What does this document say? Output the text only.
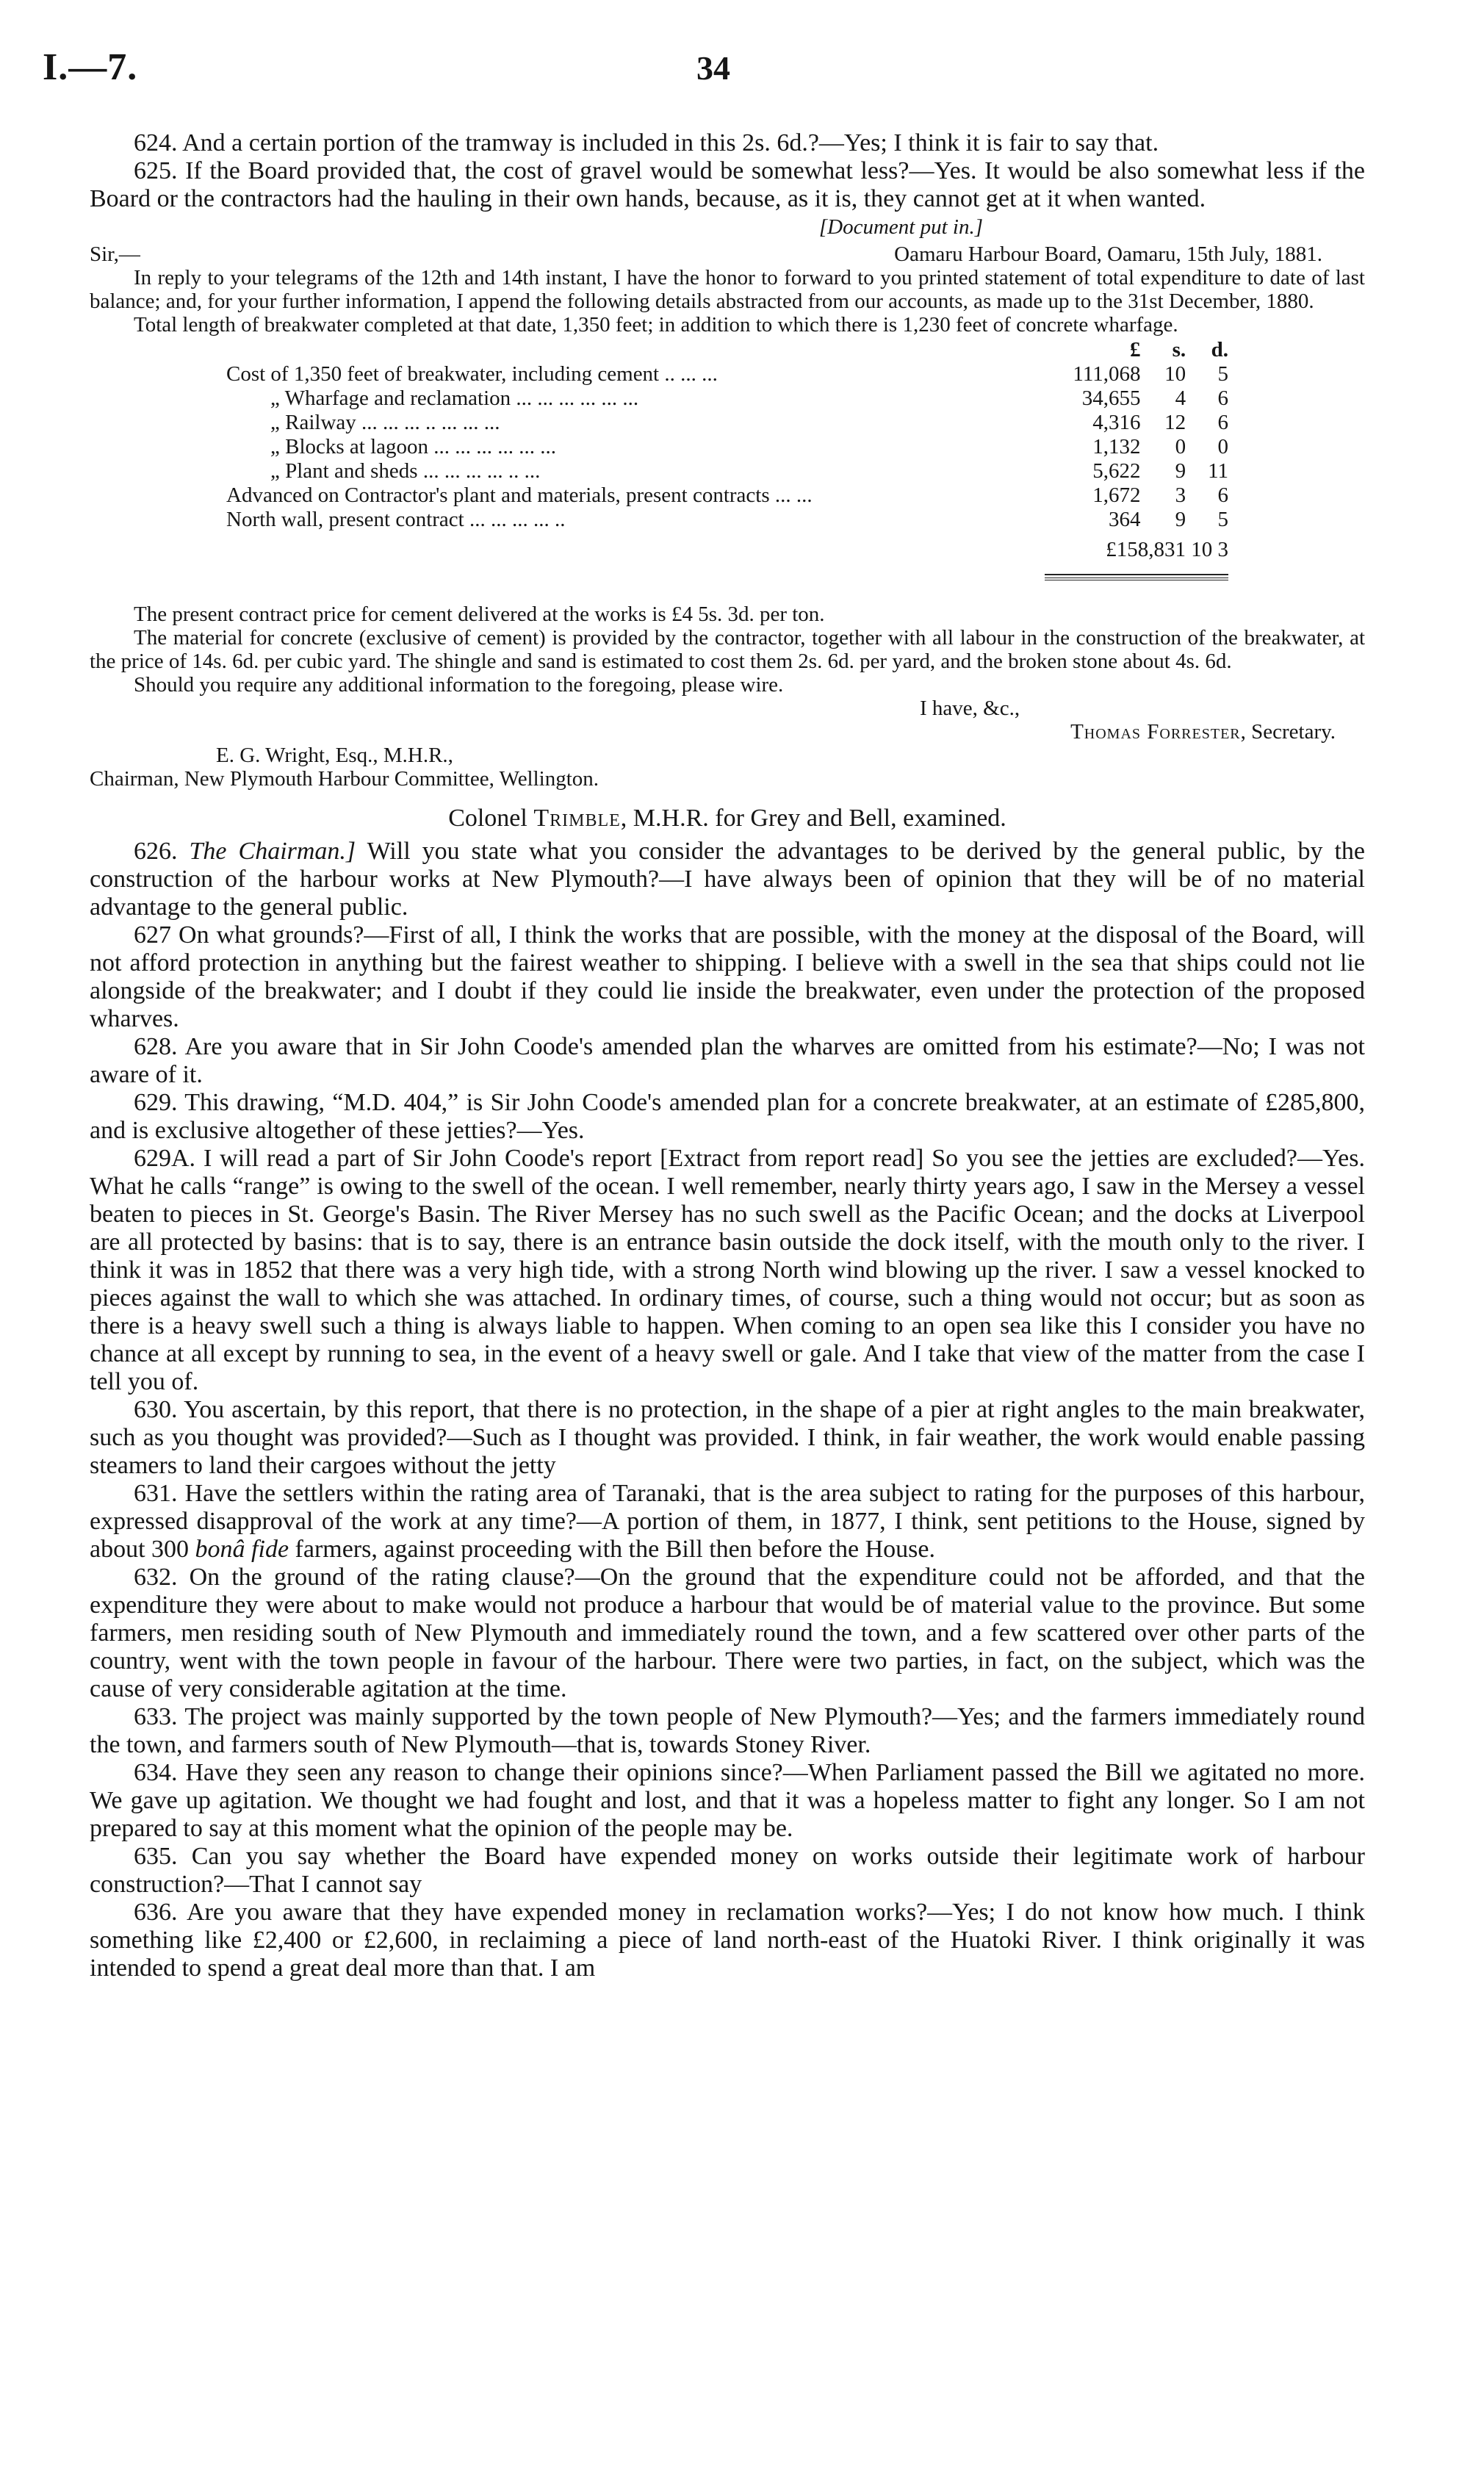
I.—7.	34

624. And a certain portion of the tramway is included in this 2s. 6d.?—Yes; I think it is fair to say that.

625. If the Board provided that, the cost of gravel would be somewhat less?—Yes. It would be also somewhat less if the Board or the contractors had the hauling in their own hands, because, as it is, they cannot get at it when wanted.

[Document put in.]

Sir,—	Oamaru Harbour Board, Oamaru, 15th July, 1881.

In reply to your telegrams of the 12th and 14th instant, I have the honor to forward to you printed statement of total expenditure to date of last balance; and, for your further information, I append the following details abstracted from our accounts, as made up to the 31st December, 1880.

Total length of breakwater completed at that date, 1,350 feet; in addition to which there is 1,230 feet of concrete wharfage.

	£	s.	d.
Cost of 1,350 feet of breakwater, including cement .. ... ...	111,068	10	5
„ Wharfage and reclamation ... ... ... ... ... ...	34,655	4	6
„ Railway ... ... ... .. ... ... ...	4,316	12	6
„ Blocks at lagoon ... ... ... ... ... ...	1,132	0	0
„ Plant and sheds ... ... ... ... .. ...	5,622	9	11
Advanced on Contractor's plant and materials, present contracts ... ...	1,672	3	6
North wall, present contract ... ... ... ... ..	364	9	5

	£158,831 10 3		

The present contract price for cement delivered at the works is £4 5s. 3d. per ton.

The material for concrete (exclusive of cement) is provided by the contractor, together with all labour in the construction of the breakwater, at the price of 14s. 6d. per cubic yard. The shingle and sand is estimated to cost them 2s. 6d. per yard, and the broken stone about 4s. 6d.

Should you require any additional information to the foregoing, please wire.

I have, &c.,
Thomas Forrester, Secretary.
E. G. Wright, Esq., M.H.R.,
Chairman, New Plymouth Harbour Committee, Wellington.
Colonel Trimble, M.H.R. for Grey and Bell, examined.

626. The Chairman.] Will you state what you consider the advantages to be derived by the general public, by the construction of the harbour works at New Plymouth?—I have always been of opinion that they will be of no material advantage to the general public.

627 On what grounds?—First of all, I think the works that are possible, with the money at the disposal of the Board, will not afford protection in anything but the fairest weather to shipping. I believe with a swell in the sea that ships could not lie alongside of the breakwater; and I doubt if they could lie inside the breakwater, even under the protection of the proposed wharves.

628. Are you aware that in Sir John Coode's amended plan the wharves are omitted from his estimate?—No; I was not aware of it.

629. This drawing, “M.D. 404,” is Sir John Coode's amended plan for a concrete breakwater, at an estimate of £285,800, and is exclusive altogether of these jetties?—Yes.

629A. I will read a part of Sir John Coode's report [Extract from report read] So you see the jetties are excluded?—Yes. What he calls “range” is owing to the swell of the ocean. I well remember, nearly thirty years ago, I saw in the Mersey a vessel beaten to pieces in St. George's Basin. The River Mersey has no such swell as the Pacific Ocean; and the docks at Liverpool are all protected by basins: that is to say, there is an entrance basin outside the dock itself, with the mouth only to the river. I think it was in 1852 that there was a very high tide, with a strong North wind blowing up the river. I saw a vessel knocked to pieces against the wall to which she was attached. In ordinary times, of course, such a thing would not occur; but as soon as there is a heavy swell such a thing is always liable to happen. When coming to an open sea like this I consider you have no chance at all except by running to sea, in the event of a heavy swell or gale. And I take that view of the matter from the case I tell you of.

630. You ascertain, by this report, that there is no protection, in the shape of a pier at right angles to the main breakwater, such as you thought was provided?—Such as I thought was provided. I think, in fair weather, the work would enable passing steamers to land their cargoes without the jetty

631. Have the settlers within the rating area of Taranaki, that is the area subject to rating for the purposes of this harbour, expressed disapproval of the work at any time?—A portion of them, in 1877, I think, sent petitions to the House, signed by about 300 bonâ fide farmers, against proceeding with the Bill then before the House.

632. On the ground of the rating clause?—On the ground that the expenditure could not be afforded, and that the expenditure they were about to make would not produce a harbour that would be of material value to the province. But some farmers, men residing south of New Plymouth and immediately round the town, and a few scattered over other parts of the country, went with the town people in favour of the harbour. There were two parties, in fact, on the subject, which was the cause of very considerable agitation at the time.

633. The project was mainly supported by the town people of New Plymouth?—Yes; and the farmers immediately round the town, and farmers south of New Plymouth—that is, towards Stoney River.

634. Have they seen any reason to change their opinions since?—When Parliament passed the Bill we agitated no more. We gave up agitation. We thought we had fought and lost, and that it was a hopeless matter to fight any longer. So I am not prepared to say at this moment what the opinion of the people may be.

635. Can you say whether the Board have expended money on works outside their legitimate work of harbour construction?—That I cannot say

636. Are you aware that they have expended money in reclamation works?—Yes; I do not know how much. I think something like £2,400 or £2,600, in reclaiming a piece of land north-east of the Huatoki River. I think originally it was intended to spend a great deal more than that. I am
